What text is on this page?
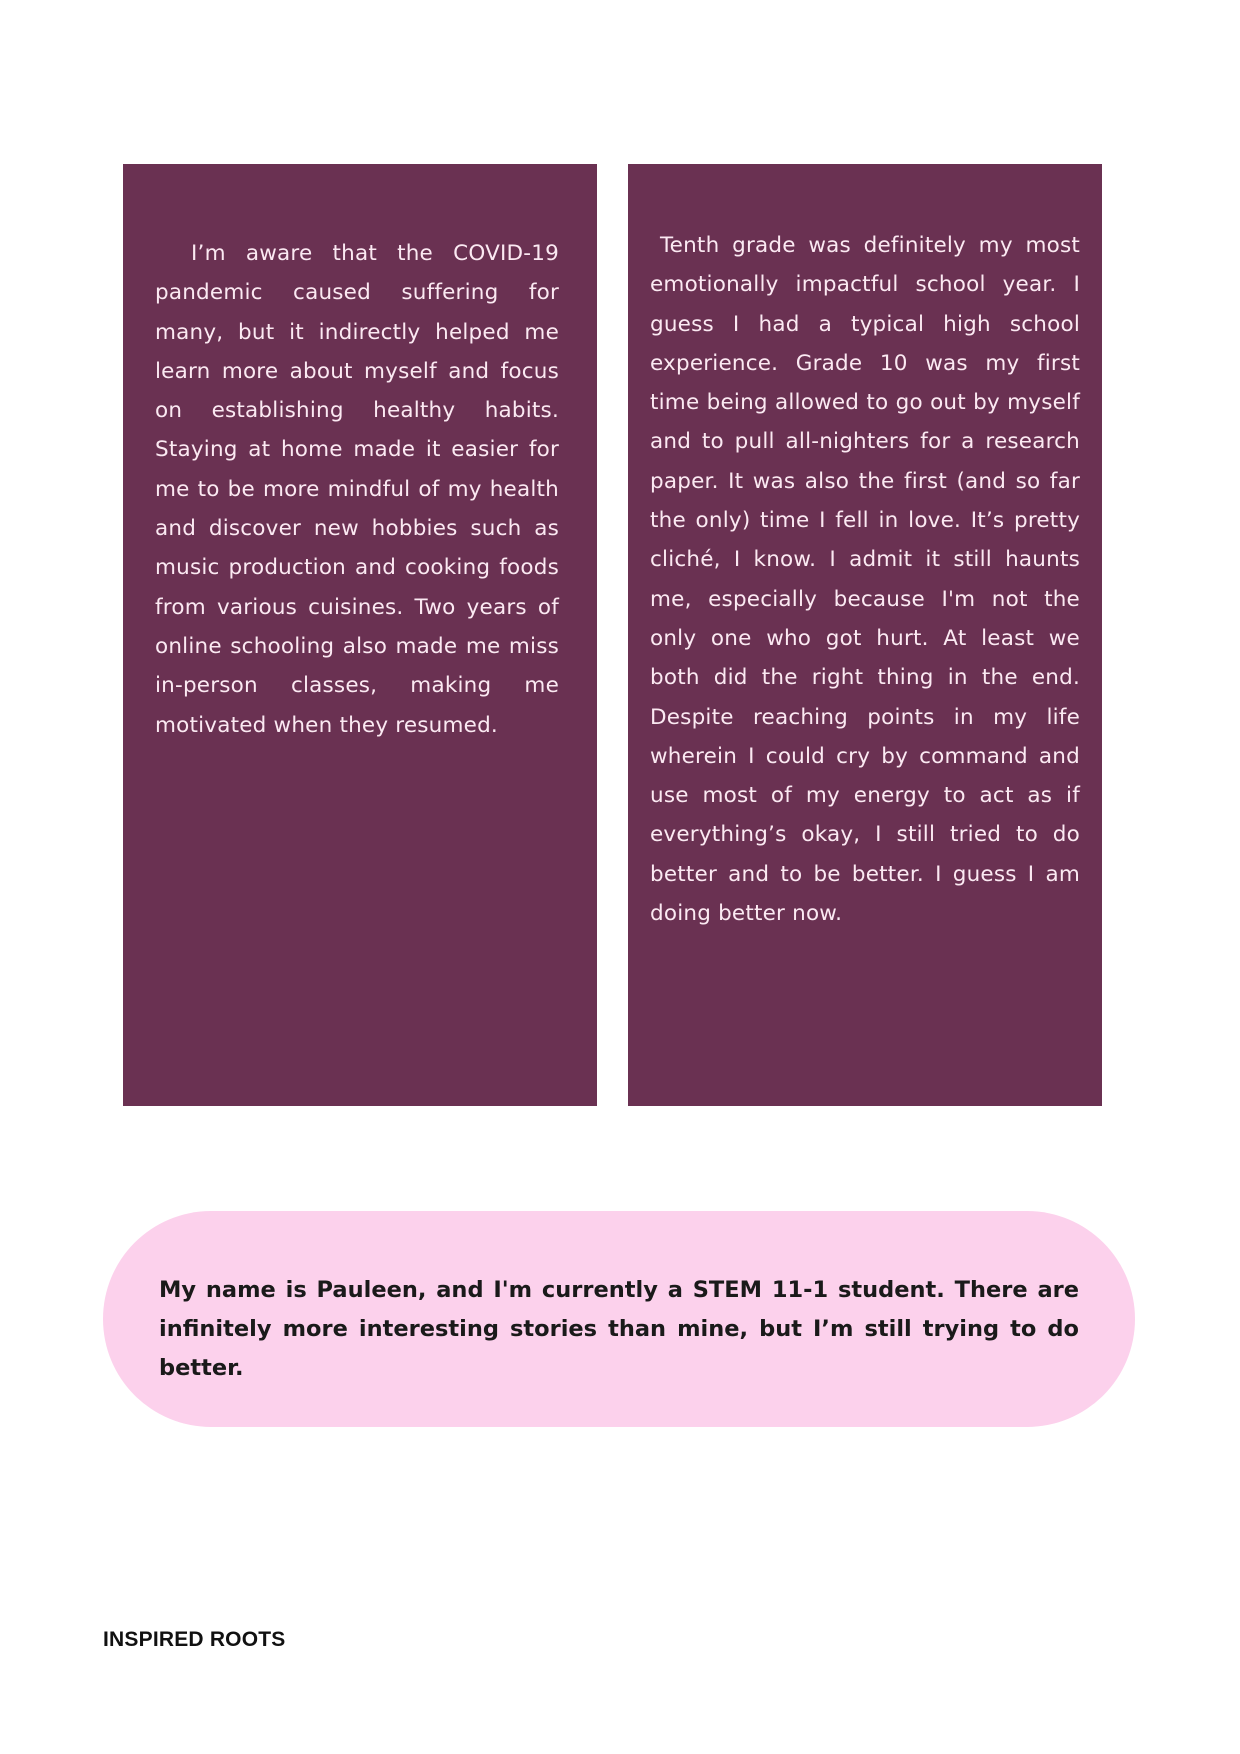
I’m aware that the COVID-19 pandemic caused suffering for many, but it indirectly helped me learn more about myself and focus on establishing healthy habits. Staying at home made it easier for me to be more mindful of my health and discover new hobbies such as music production and cooking foods from various cuisines. Two years of online schooling also made me miss in-person classes, making me motivated when they resumed.

Tenth grade was definitely my most emotionally impactful school year. I guess I had a typical high school experience. Grade 10 was my first time being allowed to go out by myself and to pull all-nighters for a research paper. It was also the first (and so far the only) time I fell in love. It’s pretty cliché, I know. I admit it still haunts me, especially because I'm not the only one who got hurt. At least we both did the right thing in the end. Despite reaching points in my life wherein I could cry by command and use most of my energy to act as if everything’s okay, I still tried to do better and to be better. I guess I am doing better now.

My name is Pauleen, and I'm currently a STEM 11-1 student. There are infinitely more interesting stories than mine, but I’m still trying to do better.

INSPIRED ROOTS
